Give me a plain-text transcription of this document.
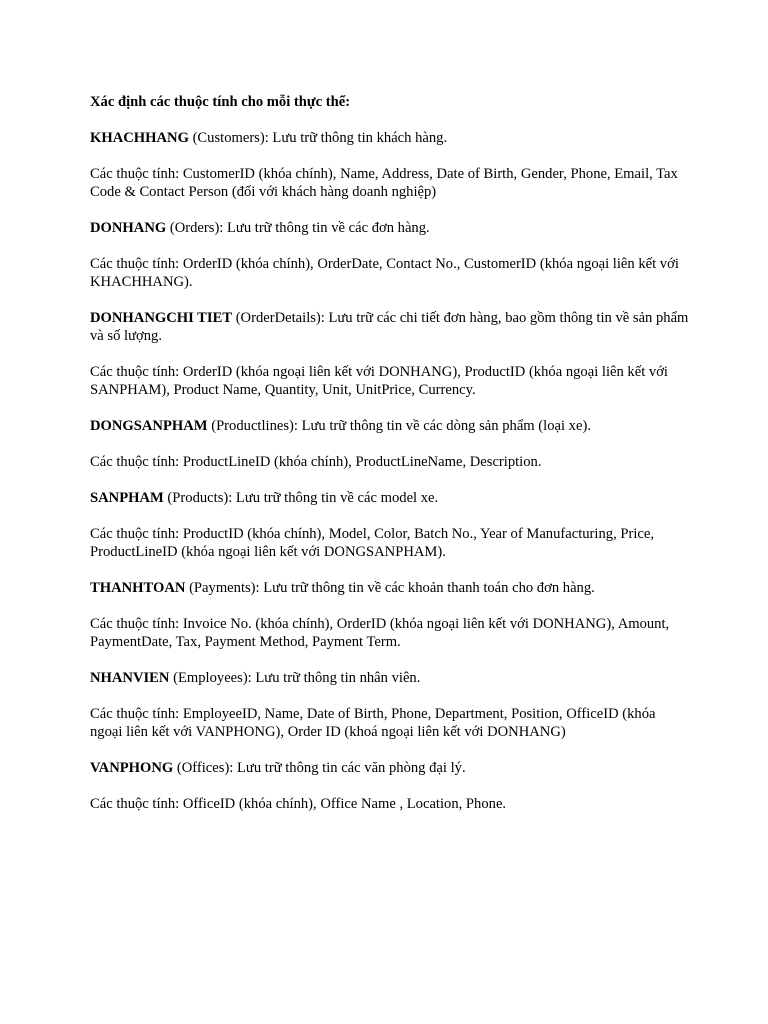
Xác định các thuộc tính cho mỗi thực thể:

KHACHHANG (Customers): Lưu trữ thông tin khách hàng.

Các thuộc tính: CustomerID (khóa chính), Name, Address, Date of Birth, Gender, Phone, Email, Tax Code & Contact Person (đối với khách hàng doanh nghiệp)

DONHANG (Orders): Lưu trữ thông tin về các đơn hàng.

Các thuộc tính: OrderID (khóa chính), OrderDate, Contact No., CustomerID (khóa ngoại liên kết với KHACHHANG).

DONHANGCHI TIET (OrderDetails): Lưu trữ các chi tiết đơn hàng, bao gồm thông tin về sản phẩm và số lượng.

Các thuộc tính: OrderID (khóa ngoại liên kết với DONHANG), ProductID (khóa ngoại liên kết với SANPHAM), Product Name, Quantity, Unit, UnitPrice, Currency.

DONGSANPHAM (Productlines): Lưu trữ thông tin về các dòng sản phẩm (loại xe).

Các thuộc tính: ProductLineID (khóa chính), ProductLineName, Description.

SANPHAM (Products): Lưu trữ thông tin về các model xe.

Các thuộc tính: ProductID (khóa chính), Model, Color, Batch No., Year of Manufacturing, Price, ProductLineID (khóa ngoại liên kết với DONGSANPHAM).

THANHTOAN (Payments): Lưu trữ thông tin về các khoản thanh toán cho đơn hàng.

Các thuộc tính: Invoice No. (khóa chính), OrderID (khóa ngoại liên kết với DONHANG), Amount, PaymentDate, Tax, Payment Method, Payment Term.

NHANVIEN (Employees): Lưu trữ thông tin nhân viên.

Các thuộc tính: EmployeeID, Name, Date of Birth, Phone, Department, Position, OfficeID (khóa ngoại liên kết với VANPHONG), Order ID (khoá ngoại liên kết với DONHANG)

VANPHONG (Offices): Lưu trữ thông tin các văn phòng đại lý.

Các thuộc tính: OfficeID (khóa chính), Office Name , Location, Phone.
